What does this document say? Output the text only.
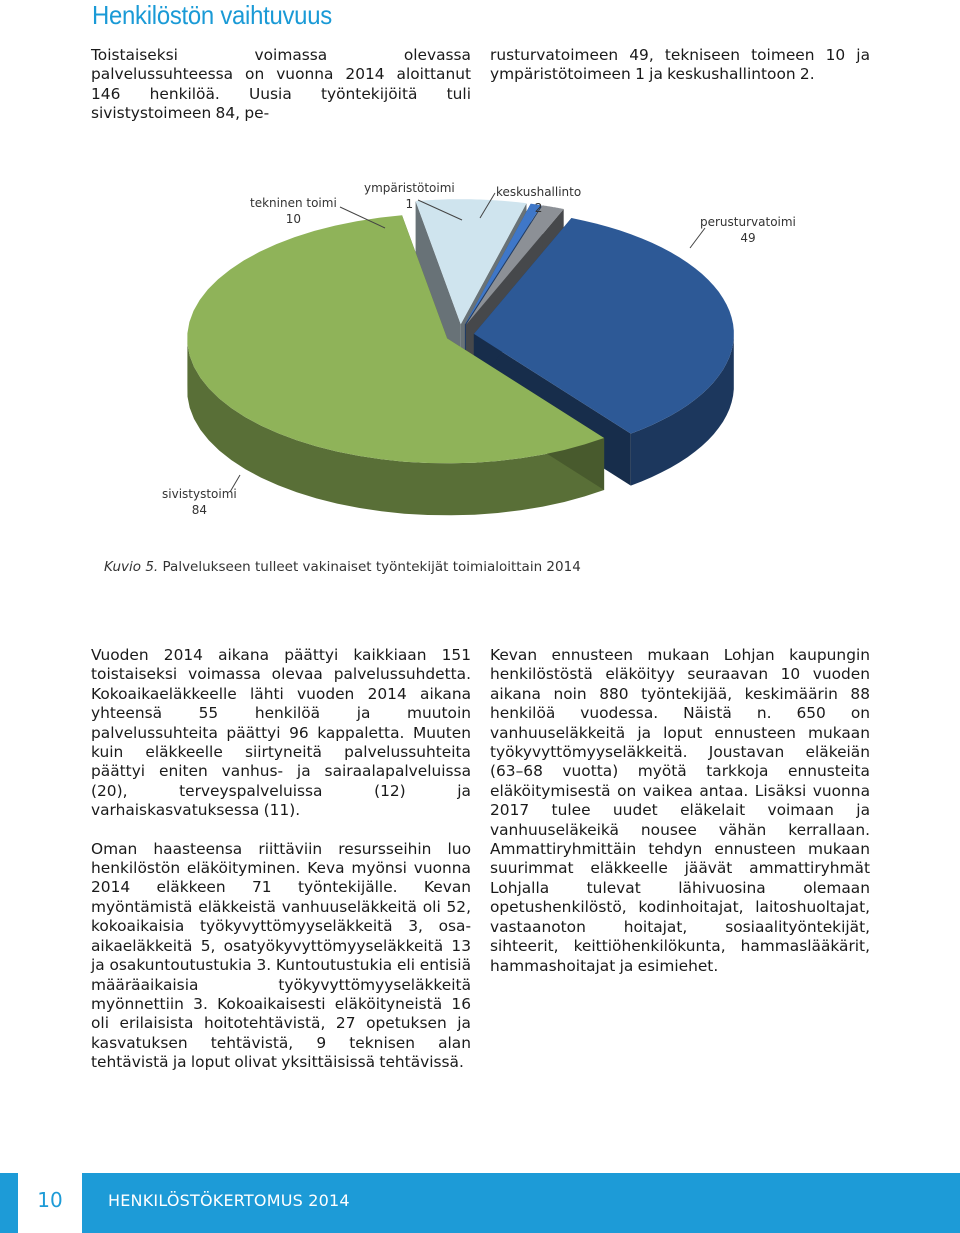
Henkilöstön vaihtuvuus
Toistaiseksi voimassa olevassa palvelussuhteessa on vuonna 2014 aloittanut 146 henkilöä. Uusia työntekijöitä tuli sivistystoimeen 84, pe-
rusturvatoimeen 49, tekniseen toimeen 10 ja ympäristötoimeen 1 ja keskushallintoon 2.
tekninen toimi
10
ympäristötoimi
1
keskushallinto
2
perusturvatoimi
49
sivistystoimi
84
Kuvio 5. Palvelukseen tulleet vakinaiset työntekijät toimialoittain 2014

Vuoden 2014 aikana päättyi kaikkiaan 151 toistaiseksi voimassa olevaa palvelussuhdetta. Kokoaikaeläkkeelle lähti vuoden 2014 aikana yhteensä 55 henkilöä ja muutoin palvelussuhteita päättyi 96 kappaletta. Muuten kuin eläkkeelle siirtyneitä palvelussuhteita päättyi eniten vanhus- ja sairaalapalveluissa (20), terveyspalveluissa (12) ja varhaiskasvatuksessa (11).

Oman haasteensa riittäviin resursseihin luo henkilöstön eläköityminen. Keva myönsi vuonna 2014 eläkkeen 71 työntekijälle. Kevan myöntämistä eläkkeistä vanhuuseläkkeitä oli 52, kokoaikaisia työkyvyttömyyseläkkeitä 3, osa-aikaeläkkeitä 5, osatyökyvyttömyyseläkkeitä 13 ja osakuntoutustukia 3. Kuntoutustukia eli entisiä määräaikaisia työkyvyttömyyseläkkeitä myönnettiin 3. Kokoaikaisesti eläköityneistä 16 oli erilaisista hoitotehtävistä, 27 opetuksen ja kasvatuksen tehtävistä, 9 teknisen alan tehtävistä ja loput olivat yksittäisissä tehtävissä.

Kevan ennusteen mukaan Lohjan kaupungin henkilöstöstä eläköityy seuraavan 10 vuoden aikana noin 880 työntekijää, keskimäärin 88 henkilöä vuodessa. Näistä n. 650 on vanhuuseläkkeitä ja loput ennusteen mukaan työkyvyttömyyseläkkeitä. Joustavan eläkeiän (63–68 vuotta) myötä tarkkoja ennusteita eläköitymisestä on vaikea antaa. Lisäksi vuonna 2017 tulee uudet eläkelait voimaan ja vanhuuseläkeikä nousee vähän kerrallaan. Ammattiryhmittäin tehdyn ennusteen mukaan suurimmat eläkkeelle jäävät ammattiryhmät Lohjalla tulevat lähivuosina olemaan opetushenkilöstö, kodinhoitajat, laitoshuoltajat, vastaanoton hoitajat, sosiaalityöntekijät, sihteerit, keittiöhenkilökunta, hammaslääkärit, hammashoitajat ja esimiehet.

10	HENKILÖSTÖKERTOMUS 2014
